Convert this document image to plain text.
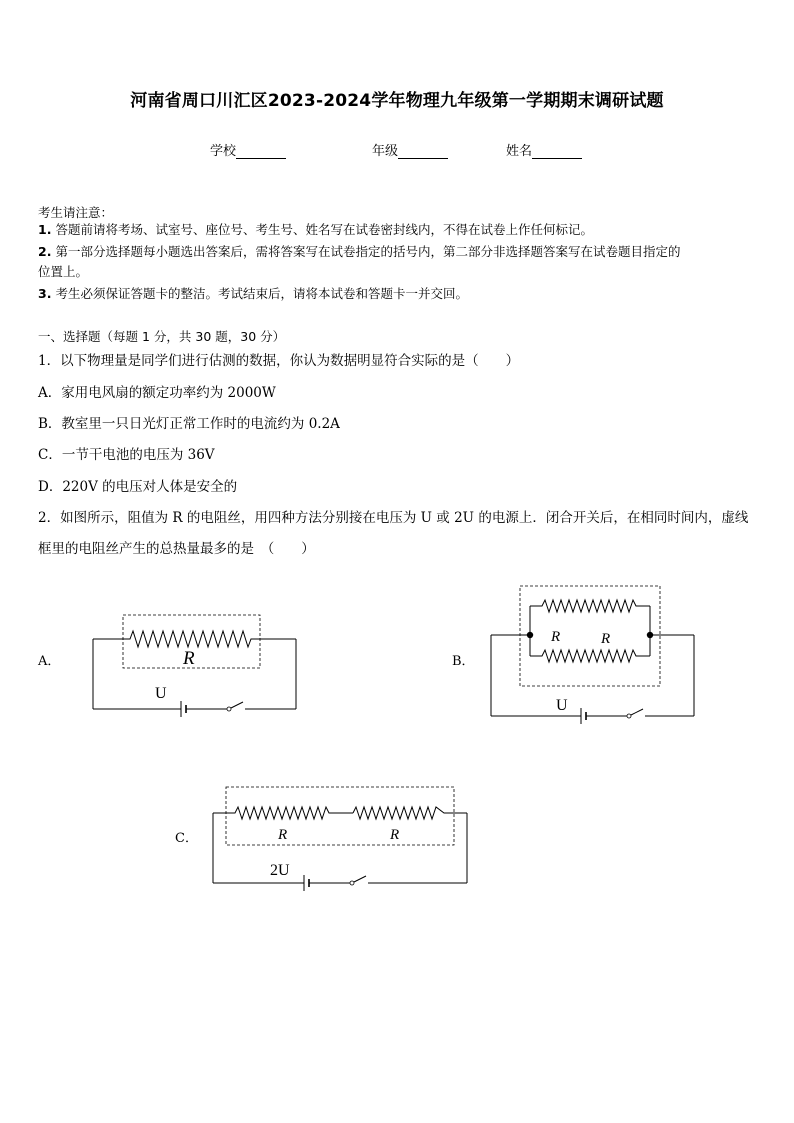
河南省周口川汇区2023-2024学年物理九年级第一学期期末调研试题
学校	年级	姓名
考生请注意：
1. 答题前请将考场、试室号、座位号、考生号、姓名写在试卷密封线内，不得在试卷上作任何标记。
2. 第一部分选择题每小题选出答案后，需将答案写在试卷指定的括号内，第二部分非选择题答案写在试卷题目指定的
位置上。
3. 考生必须保证答题卡的整洁。考试结束后，请将本试卷和答题卡一并交回。
一、选择题（每题 1 分，共 30 题，30 分）
1．以下物理量是同学们进行估测的数据，你认为数据明显符合实际的是（　　）
A．家用电风扇的额定功率约为 2000W
B．教室里一只日光灯正常工作时的电流约为 0.2A
C．一节干电池的电压为 36V
D．220V 的电压对人体是安全的
2．如图所示，阻值为 R 的电阻丝，用四种方法分别接在电压为 U 或 2U 的电源上．闭合开关后，在相同时间内，虚线
框里的电阻丝产生的总热量最多的是　（　　）
A．	R
U
B．
R	R
U
C．	R	R
2U
